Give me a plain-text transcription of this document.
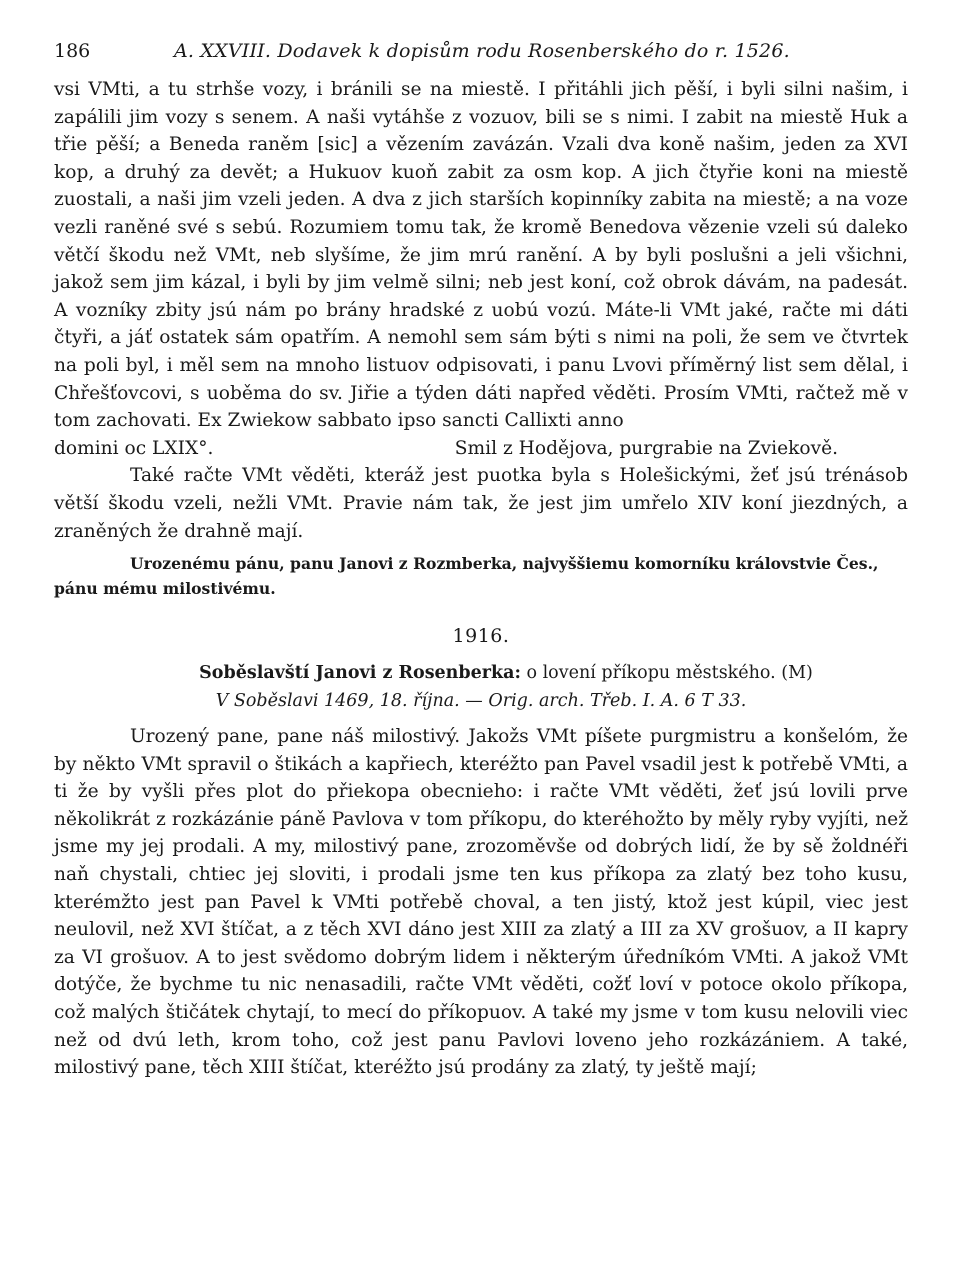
186	A. XXVIII. Dodavek k dopisům rodu Rosenberského do r. 1526.

vsi VMti, a tu strhše vozy, i bránili se na miestě. I přitáhli jich pěší, i byli silni našim, i zapálili jim vozy s senem. A naši vytáhše z vozuov, bili se s nimi. I zabit na miestě Huk a třie pěší; a Beneda raněm [sic] a vězením zavázán. Vzali dva koně našim, jeden za XVI kop, a druhý za devět; a Hukuov kuoň zabit za osm kop. A jich čtyřie koni na miestě zuostali, a naši jim vzeli jeden. A dva z jich starších kopinníky zabita na miestě; a na voze vezli raněné své s sebú. Rozumiem tomu tak, že kromě Benedova vězenie vzeli sú daleko větčí škodu než VMt, neb slyšíme, že jim mrú ranění. A by byli poslušni a jeli všichni, jakož sem jim kázal, i byli by jim velmě silni; neb jest koní, což obrok dávám, na padesát. A vozníky zbity jsú nám po brány hradské z uobú vozú. Máte-li VMt jaké, račte mi dáti čtyři, a jáť ostatek sám opatřím. A nemohl sem sám býti s nimi na poli, že sem ve čtvrtek na poli byl, i měl sem na mnoho listuov odpisovati, i panu Lvovi příměrný list sem dělal, i Chřešťovcovi, s uoběma do sv. Jiřie a týden dáti napřed věděti. Prosím VMti, račtež mě v tom zachovati. Ex Zwiekow sabbato ipso sancti Callixti anno

domini oc LXIX°.	Smil z Hodějova, purgrabie na Zviekově.

Také račte VMt věděti, kteráž jest puotka byla s Holešickými, žeť jsú trénásob větší škodu vzeli, nežli VMt. Pravie nám tak, že jest jim umřelo XIV koní jiezdných, a zraněných že drahně mají.

Urozenému pánu, panu Janovi z Rozmberka, najvyššiemu komorníku královstvie Čes., pánu mému milostivému.

1916.
Soběslavští Janovi z Rosenberka: o lovení příkopu městského. (M)
V Soběslavi 1469, 18. října. — Orig. arch. Třeb. I. A. 6 T 33.

Urozený pane, pane náš milostivý. Jakožs VMt píšete purgmistru a konšelóm, že by někto VMt spravil o štikách a kapřiech, kteréžto pan Pavel vsadil jest k potřebě VMti, a ti že by vyšli přes plot do přiekopa obecnieho: i račte VMt věděti, žeť jsú lovili prve několikrát z rozkázánie páně Pavlova v tom příkopu, do kteréhožto by měly ryby vyjíti, než jsme my jej prodali. A my, milostivý pane, zrozoměvše od dobrých lidí, že by sě žoldnéři naň chystali, chtiec jej sloviti, i prodali jsme ten kus příkopa za zlatý bez toho kusu, kterémžto jest pan Pavel k VMti potřebě choval, a ten jistý, ktož jest kúpil, viec jest neulovil, než XVI štíčat, a z těch XVI dáno jest XIII za zlatý a III za XV grošuov, a II kapry za VI grošuov. A to jest svědomo dobrým lidem i některým úředníkóm VMti. A jakož VMt dotýče, že bychme tu nic nenasadili, račte VMt věděti, cožť loví v potoce okolo příkopa, což malých štičátek chytají, to mecí do příkopuov. A také my jsme v tom kusu nelovili viec než od dvú leth, krom toho, což jest panu Pavlovi loveno jeho rozkázániem. A také, milostivý pane, těch XIII štíčat, kteréžto jsú prodány za zlatý, ty ještě mají;
